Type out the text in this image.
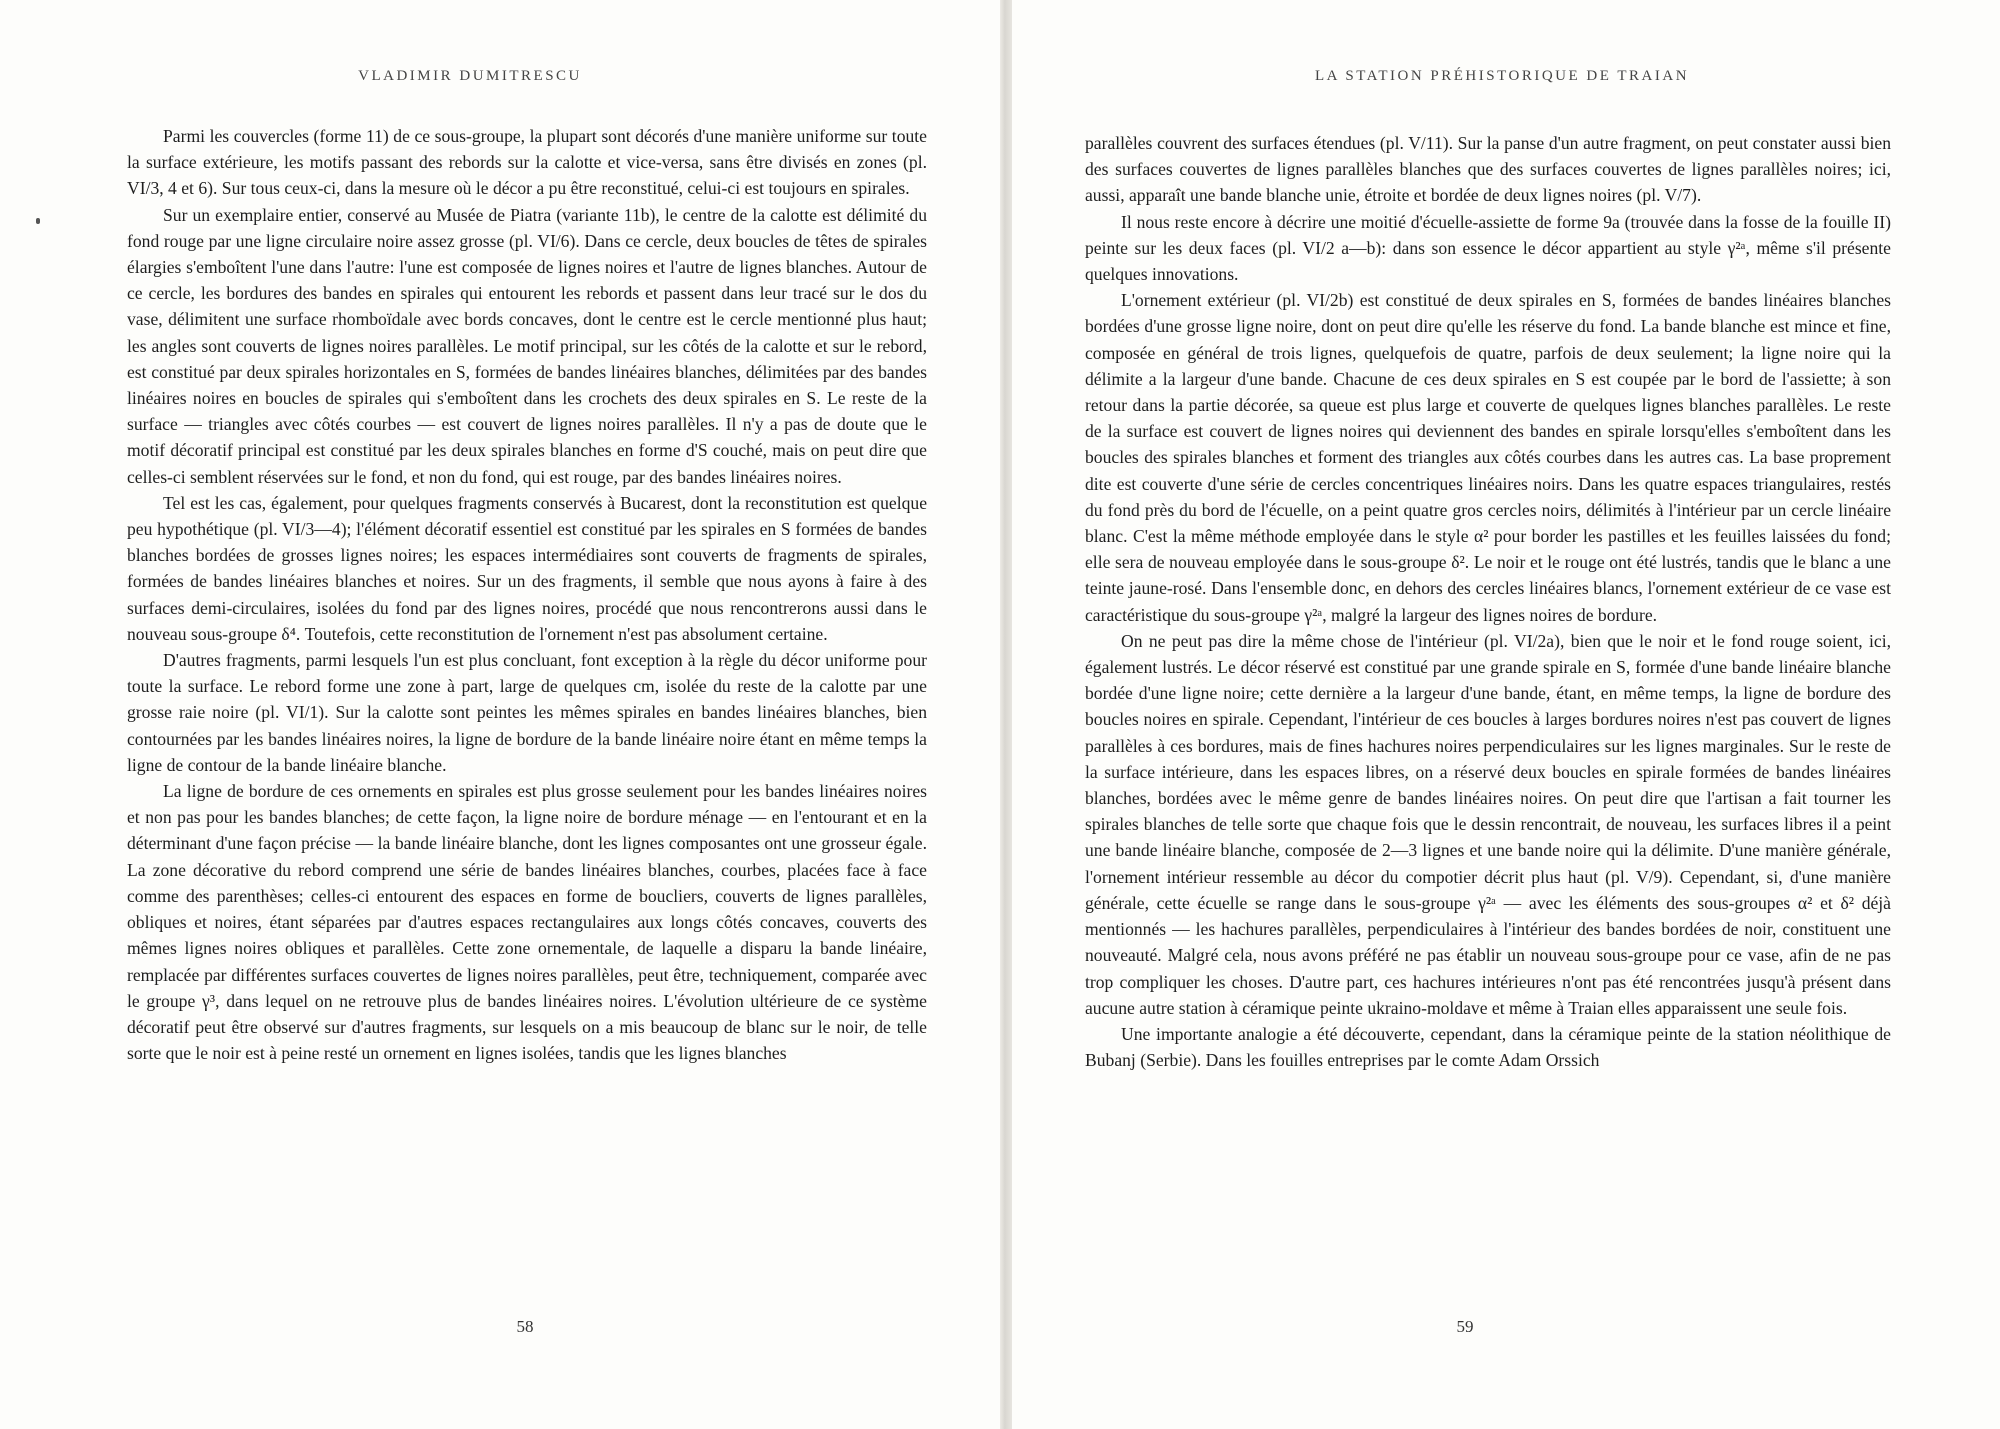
VLADIMIR DUMITRESCU

Parmi les couvercles (forme 11) de ce sous-groupe, la plupart sont décorés d'une manière uniforme sur toute la surface extérieure, les motifs passant des rebords sur la calotte et vice-versa, sans être divisés en zones (pl. VI/3, 4 et 6). Sur tous ceux-ci, dans la mesure où le décor a pu être reconstitué, celui-ci est toujours en spirales.

Sur un exemplaire entier, conservé au Musée de Piatra (variante 11b), le centre de la calotte est délimité du fond rouge par une ligne circulaire noire assez grosse (pl. VI/6). Dans ce cercle, deux boucles de têtes de spirales élargies s'emboîtent l'une dans l'autre: l'une est composée de lignes noires et l'autre de lignes blanches. Autour de ce cercle, les bordures des bandes en spirales qui entourent les rebords et passent dans leur tracé sur le dos du vase, délimitent une surface rhomboïdale avec bords concaves, dont le centre est le cercle mentionné plus haut; les angles sont couverts de lignes noires parallèles. Le motif principal, sur les côtés de la calotte et sur le rebord, est constitué par deux spirales horizontales en S, formées de bandes linéaires blanches, délimitées par des bandes linéaires noires en boucles de spirales qui s'emboîtent dans les crochets des deux spirales en S. Le reste de la surface — triangles avec côtés courbes — est couvert de lignes noires parallèles. Il n'y a pas de doute que le motif décoratif principal est constitué par les deux spirales blanches en forme d'S couché, mais on peut dire que celles-ci semblent réservées sur le fond, et non du fond, qui est rouge, par des bandes linéaires noires.

Tel est les cas, également, pour quelques fragments conservés à Bucarest, dont la reconstitution est quelque peu hypothétique (pl. VI/3—4); l'élément décoratif essentiel est constitué par les spirales en S formées de bandes blanches bordées de grosses lignes noires; les espaces intermédiaires sont couverts de fragments de spirales, formées de bandes linéaires blanches et noires. Sur un des fragments, il semble que nous ayons à faire à des surfaces demi-circulaires, isolées du fond par des lignes noires, procédé que nous rencontrerons aussi dans le nouveau sous-groupe δ⁴. Toutefois, cette reconstitution de l'ornement n'est pas absolument certaine.

D'autres fragments, parmi lesquels l'un est plus concluant, font exception à la règle du décor uniforme pour toute la surface. Le rebord forme une zone à part, large de quelques cm, isolée du reste de la calotte par une grosse raie noire (pl. VI/1). Sur la calotte sont peintes les mêmes spirales en bandes linéaires blanches, bien contournées par les bandes linéaires noires, la ligne de bordure de la bande linéaire noire étant en même temps la ligne de contour de la bande linéaire blanche.

La ligne de bordure de ces ornements en spirales est plus grosse seulement pour les bandes linéaires noires et non pas pour les bandes blanches; de cette façon, la ligne noire de bordure ménage — en l'entourant et en la déterminant d'une façon précise — la bande linéaire blanche, dont les lignes composantes ont une grosseur égale. La zone décorative du rebord comprend une série de bandes linéaires blanches, courbes, placées face à face comme des parenthèses; celles-ci entourent des espaces en forme de boucliers, couverts de lignes parallèles, obliques et noires, étant séparées par d'autres espaces rectangulaires aux longs côtés concaves, couverts des mêmes lignes noires obliques et parallèles. Cette zone ornementale, de laquelle a disparu la bande linéaire, remplacée par différentes surfaces couvertes de lignes noires parallèles, peut être, techniquement, comparée avec le groupe γ³, dans lequel on ne retrouve plus de bandes linéaires noires. L'évolution ultérieure de ce système décoratif peut être observé sur d'autres fragments, sur lesquels on a mis beaucoup de blanc sur le noir, de telle sorte que le noir est à peine resté un ornement en lignes isolées, tandis que les lignes blanches

58
LA STATION PRÉHISTORIQUE DE TRAIAN

parallèles couvrent des surfaces étendues (pl. V/11). Sur la panse d'un autre fragment, on peut constater aussi bien des surfaces couvertes de lignes parallèles blanches que des surfaces couvertes de lignes parallèles noires; ici, aussi, apparaît une bande blanche unie, étroite et bordée de deux lignes noires (pl. V/7).

Il nous reste encore à décrire une moitié d'écuelle-assiette de forme 9a (trouvée dans la fosse de la fouille II) peinte sur les deux faces (pl. VI/2 a—b): dans son essence le décor appartient au style γ²ᵃ, même s'il présente quelques innovations.

L'ornement extérieur (pl. VI/2b) est constitué de deux spirales en S, formées de bandes linéaires blanches bordées d'une grosse ligne noire, dont on peut dire qu'elle les réserve du fond. La bande blanche est mince et fine, composée en général de trois lignes, quelquefois de quatre, parfois de deux seulement; la ligne noire qui la délimite a la largeur d'une bande. Chacune de ces deux spirales en S est coupée par le bord de l'assiette; à son retour dans la partie décorée, sa queue est plus large et couverte de quelques lignes blanches parallèles. Le reste de la surface est couvert de lignes noires qui deviennent des bandes en spirale lorsqu'elles s'emboîtent dans les boucles des spirales blanches et forment des triangles aux côtés courbes dans les autres cas. La base proprement dite est couverte d'une série de cercles concentriques linéaires noirs. Dans les quatre espaces triangulaires, restés du fond près du bord de l'écuelle, on a peint quatre gros cercles noirs, délimités à l'intérieur par un cercle linéaire blanc. C'est la même méthode employée dans le style α² pour border les pastilles et les feuilles laissées du fond; elle sera de nouveau employée dans le sous-groupe δ². Le noir et le rouge ont été lustrés, tandis que le blanc a une teinte jaune-rosé. Dans l'ensemble donc, en dehors des cercles linéaires blancs, l'ornement extérieur de ce vase est caractéristique du sous-groupe γ²ᵃ, malgré la largeur des lignes noires de bordure.

On ne peut pas dire la même chose de l'intérieur (pl. VI/2a), bien que le noir et le fond rouge soient, ici, également lustrés. Le décor réservé est constitué par une grande spirale en S, formée d'une bande linéaire blanche bordée d'une ligne noire; cette dernière a la largeur d'une bande, étant, en même temps, la ligne de bordure des boucles noires en spirale. Cependant, l'intérieur de ces boucles à larges bordures noires n'est pas couvert de lignes parallèles à ces bordures, mais de fines hachures noires perpendiculaires sur les lignes marginales. Sur le reste de la surface intérieure, dans les espaces libres, on a réservé deux boucles en spirale formées de bandes linéaires blanches, bordées avec le même genre de bandes linéaires noires. On peut dire que l'artisan a fait tourner les spirales blanches de telle sorte que chaque fois que le dessin rencontrait, de nouveau, les surfaces libres il a peint une bande linéaire blanche, composée de 2—3 lignes et une bande noire qui la délimite. D'une manière générale, l'ornement intérieur ressemble au décor du compotier décrit plus haut (pl. V/9). Cependant, si, d'une manière générale, cette écuelle se range dans le sous-groupe γ²ᵃ — avec les éléments des sous-groupes α² et δ² déjà mentionnés — les hachures parallèles, perpendiculaires à l'intérieur des bandes bordées de noir, constituent une nouveauté. Malgré cela, nous avons préféré ne pas établir un nouveau sous-groupe pour ce vase, afin de ne pas trop compliquer les choses. D'autre part, ces hachures intérieures n'ont pas été rencontrées jusqu'à présent dans aucune autre station à céramique peinte ukraino-moldave et même à Traian elles apparaissent une seule fois.

Une importante analogie a été découverte, cependant, dans la céramique peinte de la station néolithique de Bubanj (Serbie). Dans les fouilles entreprises par le comte Adam Orssich

59
